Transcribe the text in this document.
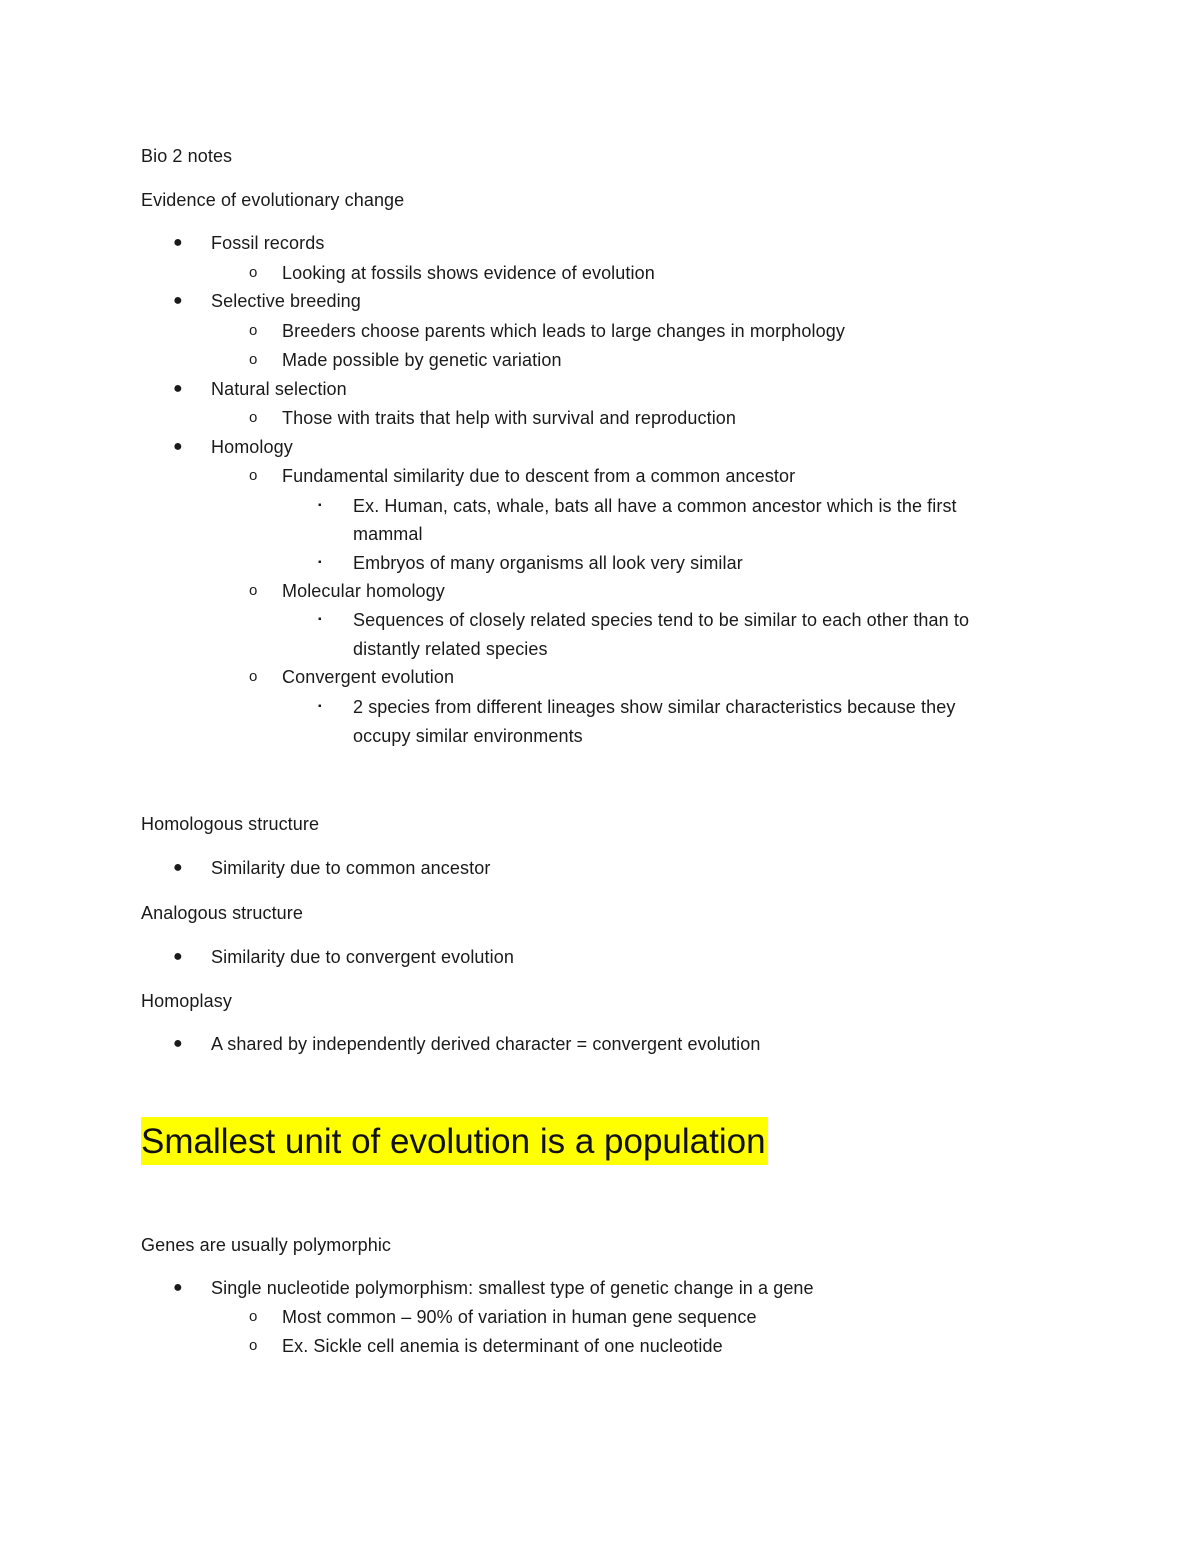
Bio 2 notes
Evidence of evolutionary change
● Fossil records
o Looking at fossils shows evidence of evolution
● Selective breeding
o Breeders choose parents which leads to large changes in morphology
o Made possible by genetic variation
● Natural selection
o Those with traits that help with survival and reproduction
● Homology
o Fundamental similarity due to descent from a common ancestor
▪ Ex. Human, cats, whale, bats all have a common ancestor which is the first
mammal
▪ Embryos of many organisms all look very similar
o Molecular homology
▪ Sequences of closely related species tend to be similar to each other than to
distantly related species
o Convergent evolution
▪ 2 species from different lineages show similar characteristics because they
occupy similar environments
Homologous structure
● Similarity due to common ancestor
Analogous structure
● Similarity due to convergent evolution
Homoplasy
● A shared by independently derived character = convergent evolution
Smallest unit of evolution is a population
Genes are usually polymorphic
● Single nucleotide polymorphism: smallest type of genetic change in a gene
o Most common – 90% of variation in human gene sequence
o Ex. Sickle cell anemia is determinant of one nucleotide
